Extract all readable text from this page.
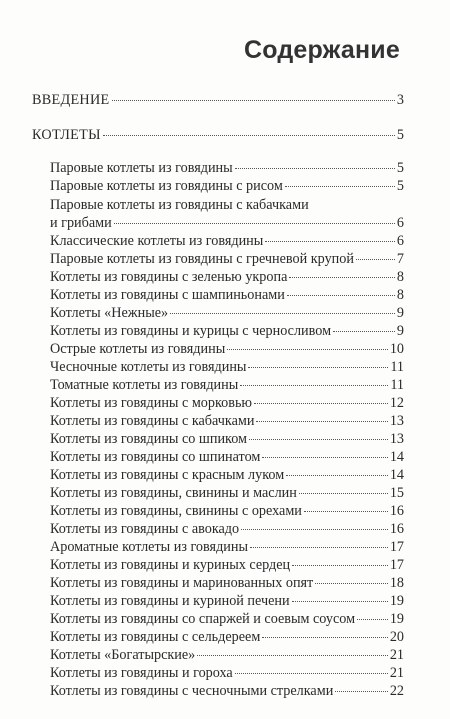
Содержание
ВВЕДЕНИЕ	3
КОТЛЕТЫ	5
Паровые котлеты из говядины	5
Паровые котлеты из говядины с рисом	5
Паровые котлеты из говядины с кабачками
и грибами	6
Классические котлеты из говядины	6
Паровые котлеты из говядины с гречневой крупой	7
Котлеты из говядины с зеленью укропа	8
Котлеты из говядины с шампиньонами	8
Котлеты «Нежные»	9
Котлеты из говядины и курицы с черносливом	9
Острые котлеты из говядины	10
Чесночные котлеты из говядины	11
Томатные котлеты из говядины	11
Котлеты из говядины с морковью	12
Котлеты из говядины с кабачками	13
Котлеты из говядины со шпиком	13
Котлеты из говядины со шпинатом	14
Котлеты из говядины с красным луком	14
Котлеты из говядины, свинины и маслин	15
Котлеты из говядины, свинины с орехами	16
Котлеты из говядины с авокадо	16
Ароматные котлеты из говядины	17
Котлеты из говядины и куриных сердец	17
Котлеты из говядины и маринованных опят	18
Котлеты из говядины и куриной печени	19
Котлеты из говядины со спаржей и соевым соусом 19
Котлеты из говядины с сельдереем	20
Котлеты «Богатырские»	21
Котлеты из говядины и гороха	21
Котлеты из говядины с чесночными стрелками	22
